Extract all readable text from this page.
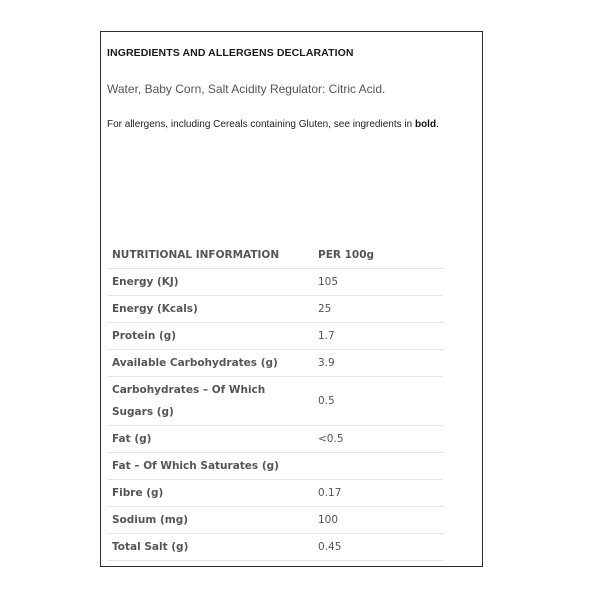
INGREDIENTS AND ALLERGENS DECLARATION
Water, Baby Corn, Salt Acidity Regulator: Citric Acid.
For allergens, including Cereals containing Gluten, see ingredients in bold.
NUTRITIONAL INFORMATION	PER 100g
Energy (KJ)	105
Energy (Kcals)	25
Protein (g)	1.7
Available Carbohydrates (g)	3.9
Carbohydrates – Of Which Sugars (g)	0.5
Fat (g)	<0.5
Fat – Of Which Saturates (g)	
Fibre (g)	0.17
Sodium (mg)	100
Total Salt (g)	0.45
